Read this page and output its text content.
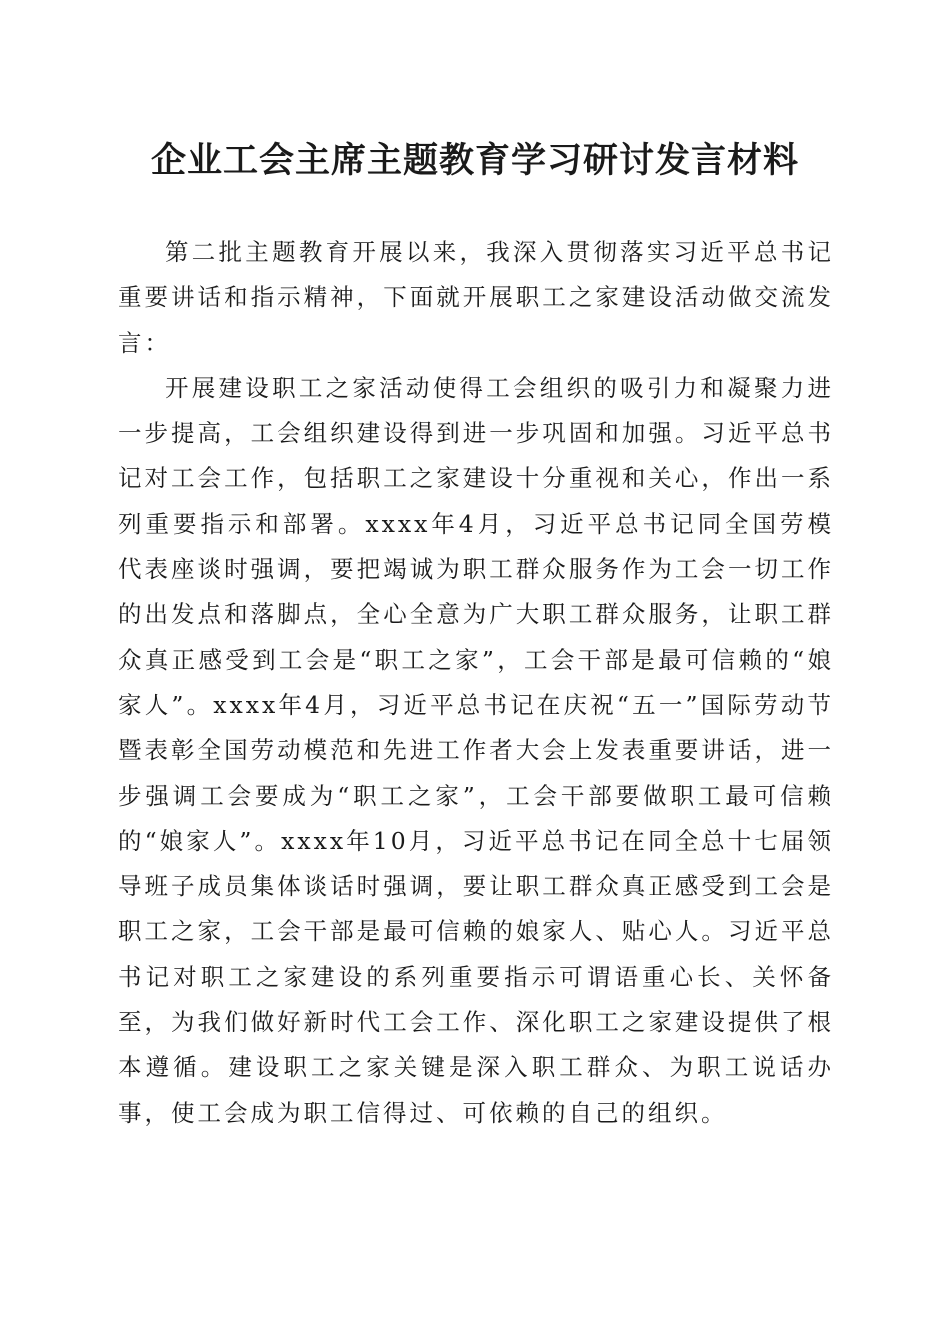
企业工会主席主题教育学习研讨发言材料

第二批主题教育开展以来，我深入贯彻落实习近平总书记重要讲话和指示精神，下面就开展职工之家建设活动做交流发言：

开展建设职工之家活动使得工会组织的吸引力和凝聚力进一步提高，工会组织建设得到进一步巩固和加强。习近平总书记对工会工作，包括职工之家建设十分重视和关心，作出一系列重要指示和部署。xxxx年4月，习近平总书记同全国劳模代表座谈时强调，要把竭诚为职工群众服务作为工会一切工作的出发点和落脚点，全心全意为广大职工群众服务，让职工群众真正感受到工会是“职工之家”，工会干部是最可信赖的“娘家人”。xxxx年4月，习近平总书记在庆祝“五一”国际劳动节暨表彰全国劳动模范和先进工作者大会上发表重要讲话，进一步强调工会要成为“职工之家”，工会干部要做职工最可信赖的“娘家人”。xxxx年10月，习近平总书记在同全总十七届领导班子成员集体谈话时强调，要让职工群众真正感受到工会是职工之家，工会干部是最可信赖的娘家人、贴心人。习近平总书记对职工之家建设的系列重要指示可谓语重心长、关怀备至，为我们做好新时代工会工作、深化职工之家建设提供了根本遵循。建设职工之家关键是深入职工群众、为职工说话办事，使工会成为职工信得过、可依赖的自己的组织。
